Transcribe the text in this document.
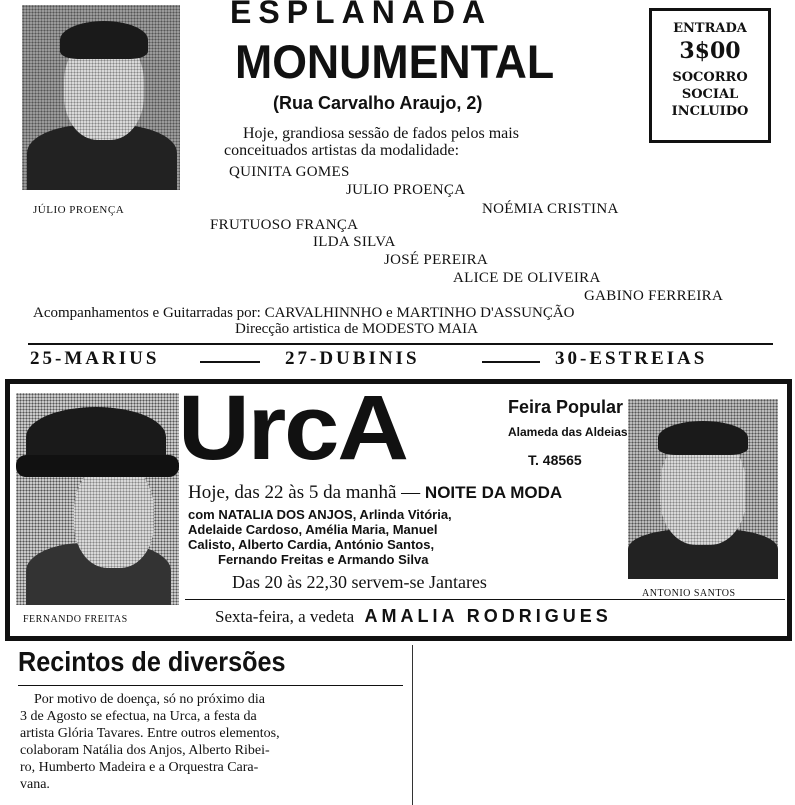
JÚLIO PROENÇA
ESPLANADA
MONUMENTAL
(Rua Carvalho Araujo, 2)
ENTRADA
3$00
SOCORRO
SOCIAL
INCLUIDO
Hoje, grandiosa sessão de fados pelos mais
conceituados artistas da modalidade:
QUINITA GOMES
JULIO PROENÇA
NOÉMIA CRISTINA
FRUTUOSO FRANÇA
ILDA SILVA
JOSÉ PEREIRA
ALICE DE OLIVEIRA
GABINO FERREIRA
Acompanhamentos e Guitarradas por: CARVALHINNHO e MARTINHO D'ASSUNÇÃO
Direcção artistica de MODESTO MAIA
25-MARIUS	27-DUBINIS	30-ESTREIAS
FERNANDO FREITAS
UrcA	Feira Popular
Alameda das Aldeias
T. 48565
ANTONIO SANTOS
Hoje, das 22 às 5 da manhã — NOITE DA MODA
com NATALIA DOS ANJOS, Arlinda Vitória,
Adelaide Cardoso, Amélia Maria, Manuel
Calisto, Alberto Cardia, António Santos,
Fernando Freitas e Armando Silva
Das 20 às 22,30 servem-se Jantares
Sexta-feira, a vedeta AMALIA RODRIGUES
Recintos de diversões
Por motivo de doença, só no próximo dia
3 de Agosto se efectua, na Urca, a festa da
artista Glória Tavares. Entre outros elementos,
colaboram Natália dos Anjos, Alberto Ribei-
ro, Humberto Madeira e a Orquestra Cara-
vana.
